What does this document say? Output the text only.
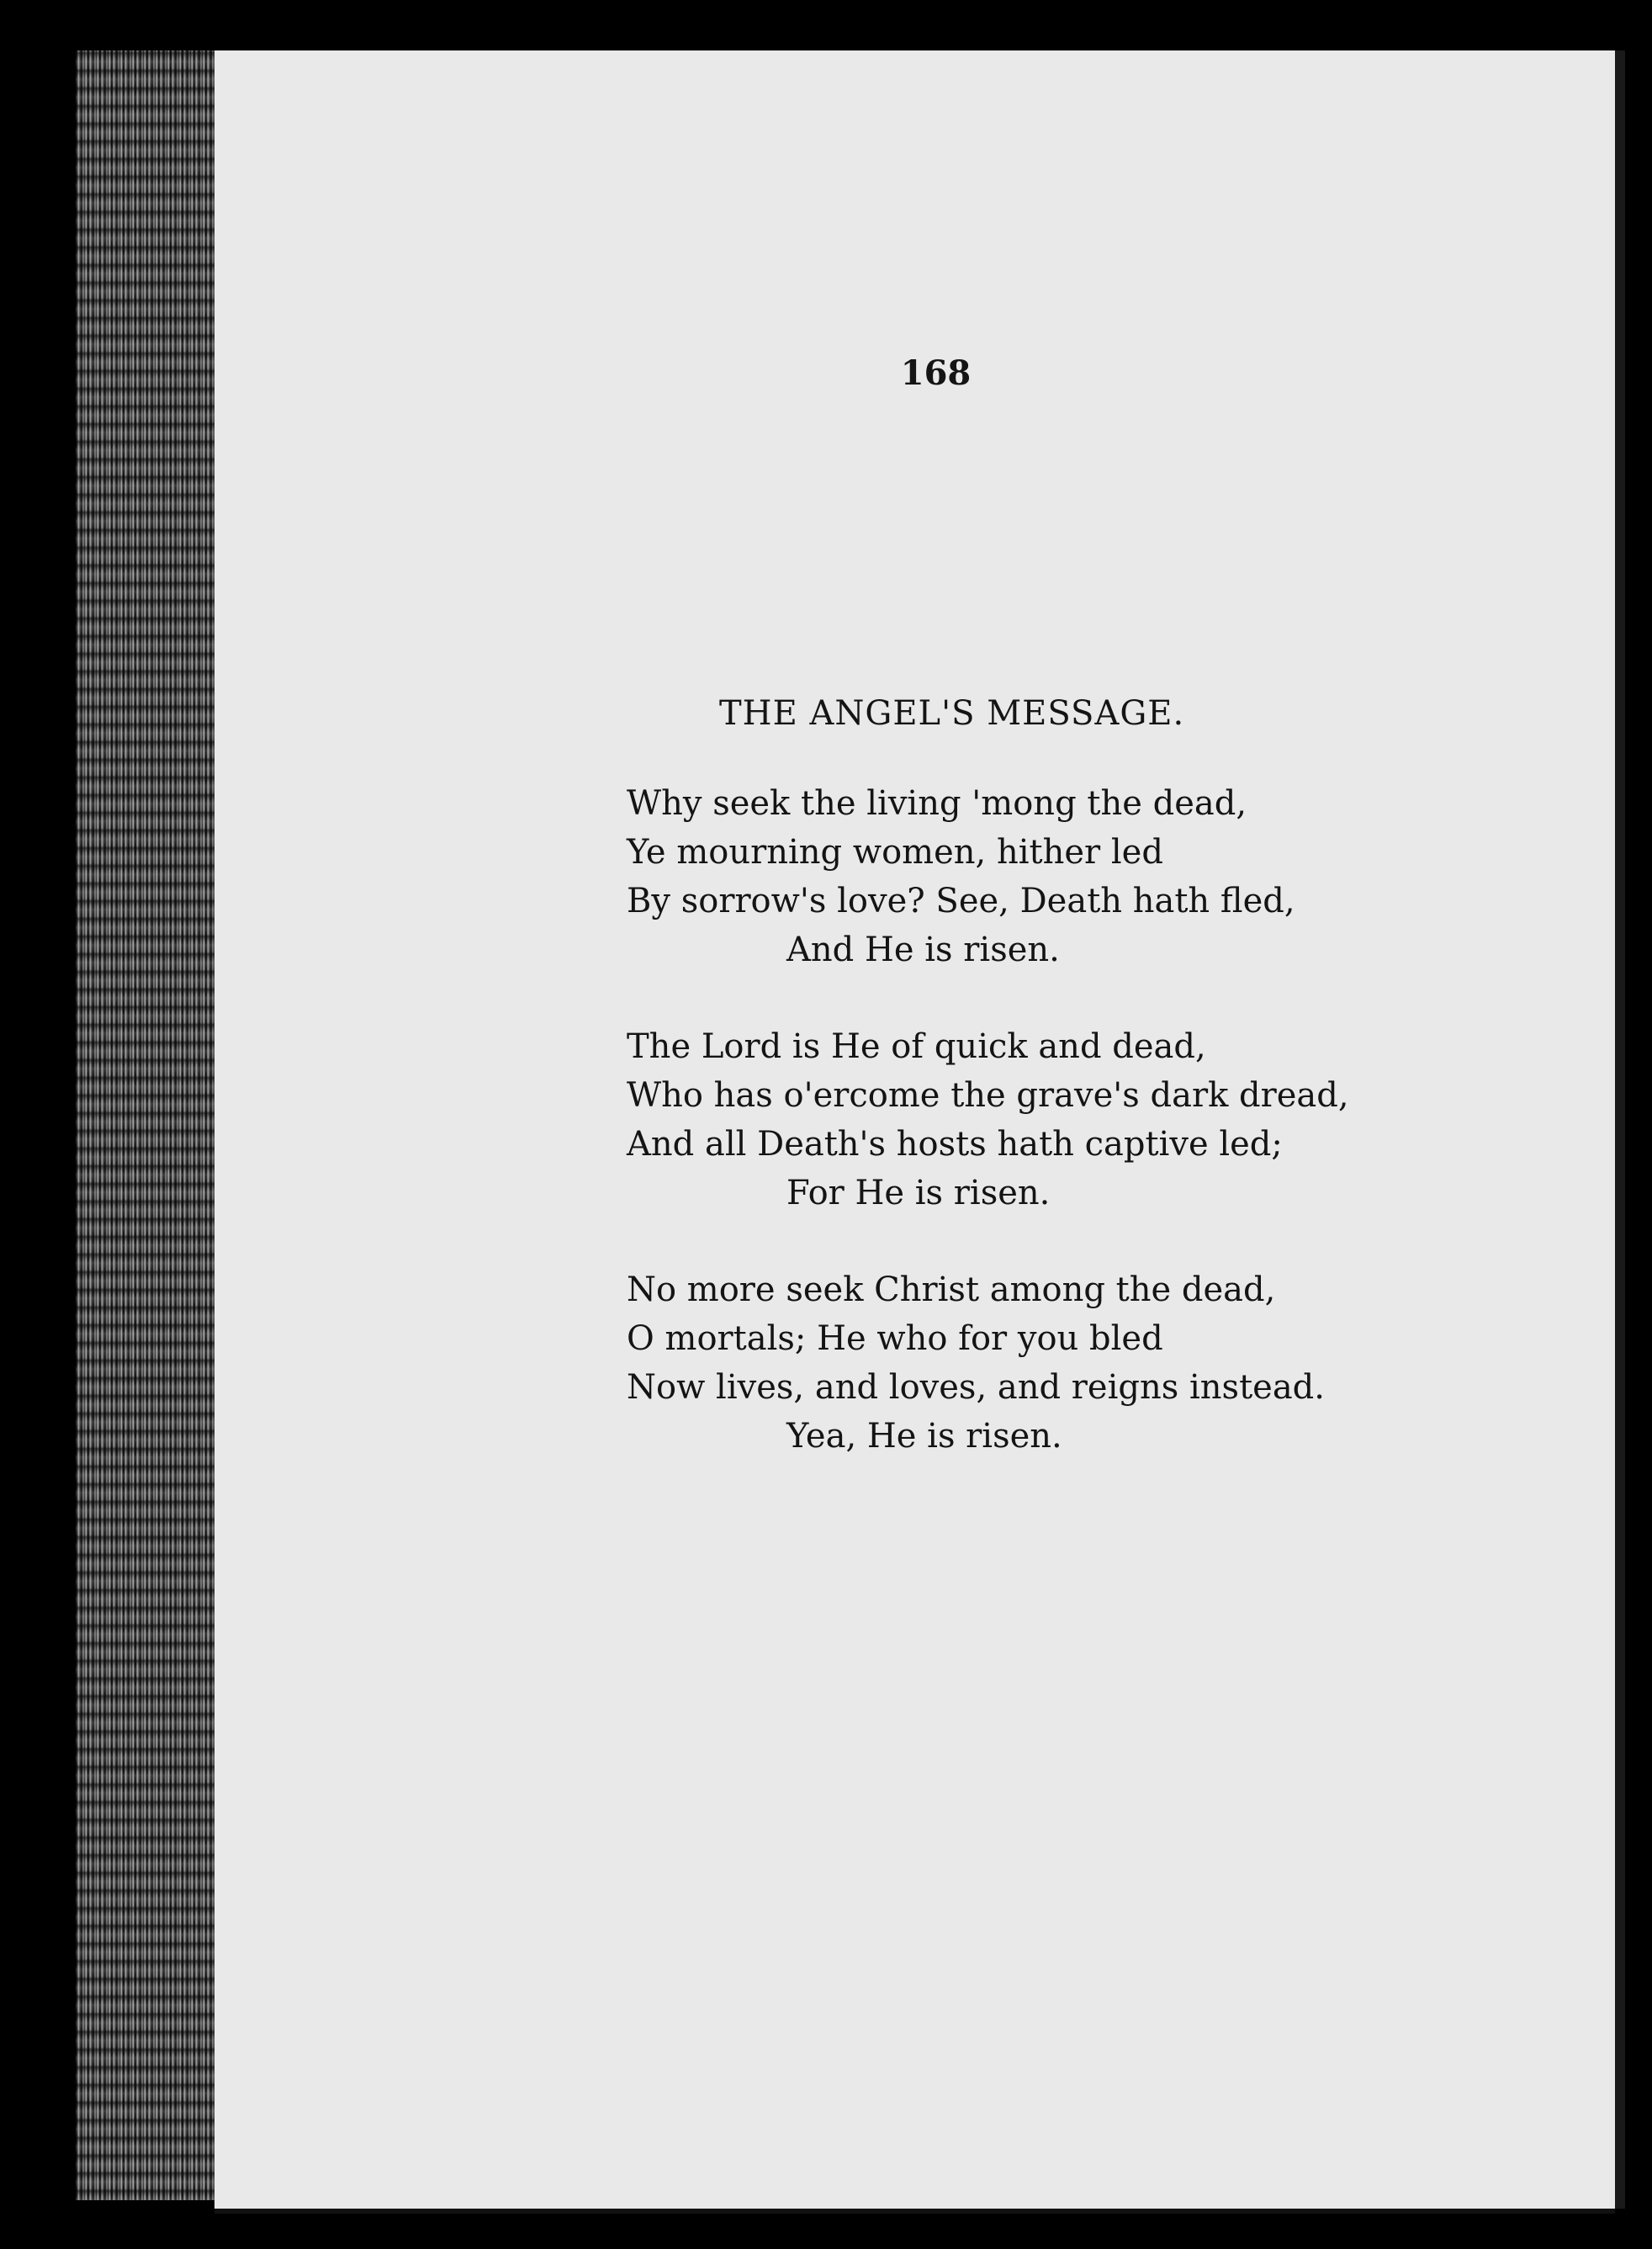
168
THE ANGEL'S MESSAGE.
Why seek the living 'mong the dead,
Ye mourning women, hither led
By sorrow's love? See, Death hath fled,
And He is risen.
The Lord is He of quick and dead,
Who has o'ercome the grave's dark dread,
And all Death's hosts hath captive led;
For He is risen.
No more seek Christ among the dead,
O mortals; He who for you bled
Now lives, and loves, and reigns instead.
Yea, He is risen.
